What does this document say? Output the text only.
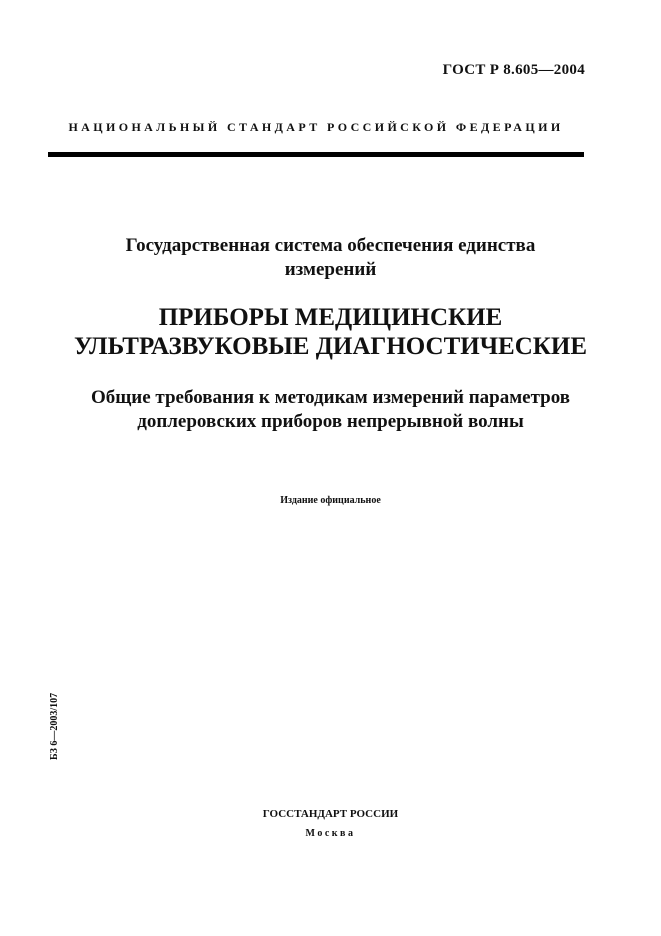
ГОСТ Р 8.605—2004
НАЦИОНАЛЬНЫЙ СТАНДАРТ РОССИЙСКОЙ ФЕДЕРАЦИИ
Государственная система обеспечения единства
измерений
ПРИБОРЫ МЕДИЦИНСКИЕ
УЛЬТРАЗВУКОВЫЕ ДИАГНОСТИЧЕСКИЕ
Общие требования к методикам измерений параметров
доплеровских приборов непрерывной волны
Издание официальное
БЗ 6—2003/107
ГОССТАНДАРТ РОССИИ
Москва
